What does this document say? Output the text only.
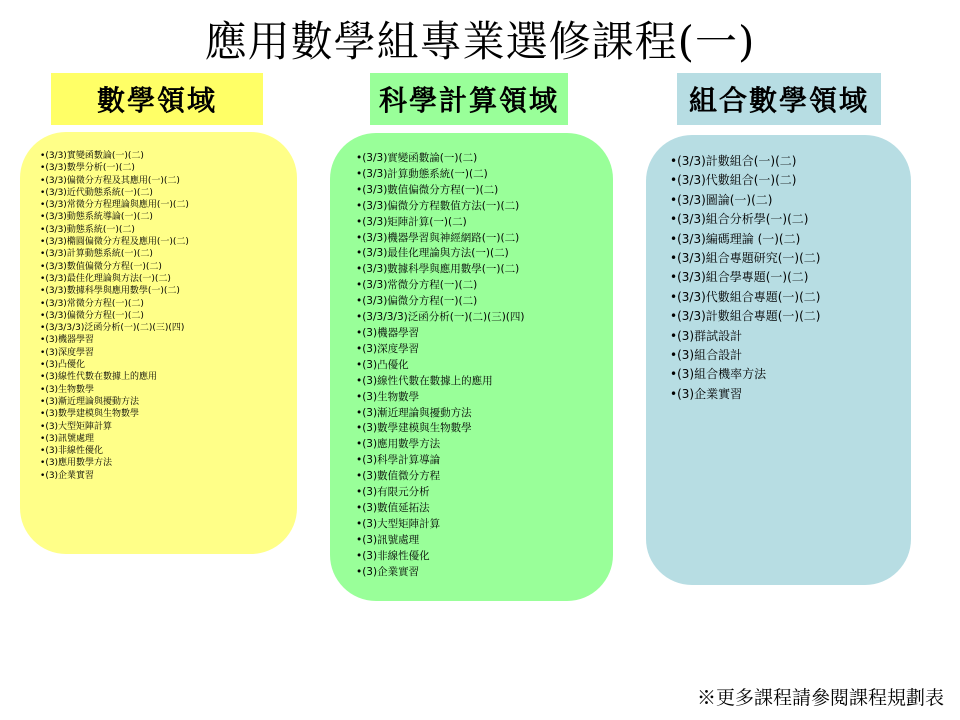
應用數學組專業選修課程(一)
數學領域	科學計算領域	組合數學領域
• (3/3)實變函數論(一)(二)
• (3/3)數學分析(一)(二)
• (3/3)偏微分方程及其應用(一)(二)
• (3/3)近代動態系統(一)(二)
• (3/3)常微分方程理論與應用(一)(二)
• (3/3)動態系統導論(一)(二)
• (3/3)動態系統(一)(二)
• (3/3)橢圓偏微分方程及應用(一)(二)
• (3/3)計算動態系統(一)(二)
• (3/3)數值偏微分方程(一)(二)
• (3/3)最佳化理論與方法(一)(二)
• (3/3)數據科學與應用數學(一)(二)
• (3/3)常微分方程(一)(二)
• (3/3)偏微分方程(一)(二)
• (3/3/3/3)泛函分析(一)(二)(三)(四)
• (3)機器學習
• (3)深度學習
• (3)凸優化
• (3)線性代數在數據上的應用
• (3)生物數學
• (3)漸近理論與擾動方法
• (3)數學建模與生物數學
• (3)大型矩陣計算
• (3)訊號處理
• (3)非線性優化
• (3)應用數學方法
• (3)企業實習
• (3/3)實變函數論(一)(二)
• (3/3)計算動態系統(一)(二)
• (3/3)數值偏微分方程(一)(二)
• (3/3)偏微分方程數值方法(一)(二)
• (3/3)矩陣計算(一)(二)
• (3/3)機器學習與神經網路(一)(二)
• (3/3)最佳化理論與方法(一)(二)
• (3/3)數據科學與應用數學(一)(二)
• (3/3)常微分方程(一)(二)
• (3/3)偏微分方程(一)(二)
• (3/3/3/3)泛函分析(一)(二)(三)(四)
• (3)機器學習
• (3)深度學習
• (3)凸優化
• (3)線性代數在數據上的應用
• (3)生物數學
• (3)漸近理論與擾動方法
• (3)數學建模與生物數學
• (3)應用數學方法
• (3)科學計算導論
• (3)數值微分方程
• (3)有限元分析
• (3)數值延拓法
• (3)大型矩陣計算
• (3)訊號處理
• (3)非線性優化
• (3)企業實習
• (3/3)計數組合(一)(二)
• (3/3)代數組合(一)(二)
• (3/3)圖論(一)(二)
• (3/3)組合分析學(一)(二)
• (3/3)編碼理論 (一)(二)
• (3/3)組合專題研究(一)(二)
• (3/3)組合學專題(一)(二)
• (3/3)代數組合專題(一)(二)
• (3/3)計數組合專題(一)(二)
• (3)群試設計
• (3)組合設計
• (3)組合機率方法
• (3)企業實習
※更多課程請參閱課程規劃表
